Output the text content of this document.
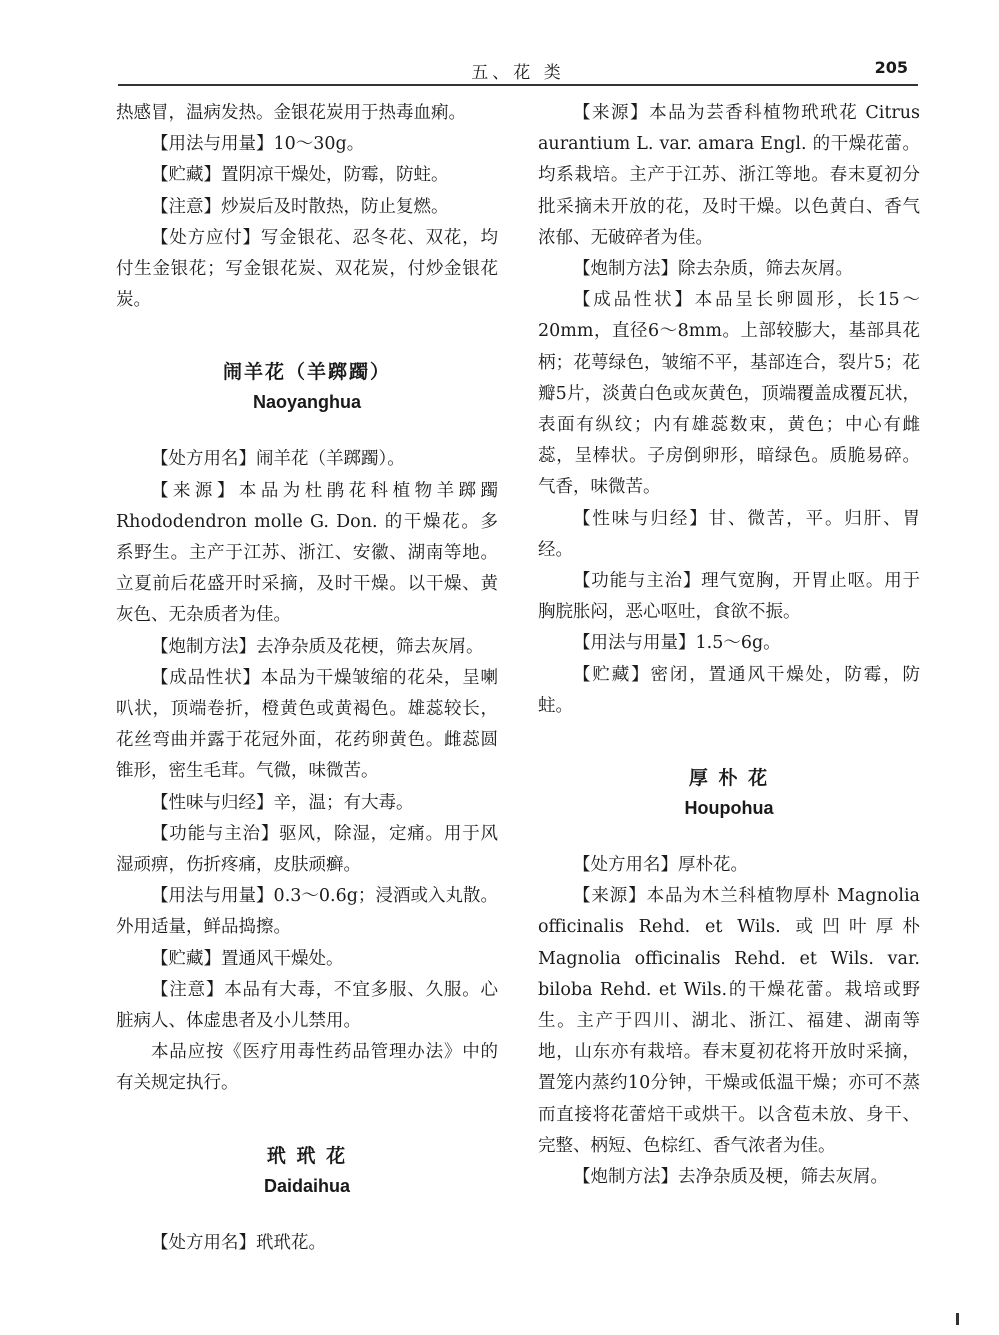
五、花 类	205

热感冒，温病发热。金银花炭用于热毒血痢。

【用法与用量】10～30g。

【贮藏】置阴凉干燥处，防霉，防蛀。

【注意】炒炭后及时散热，防止复燃。

【处方应付】写金银花、忍冬花、双花，均付生金银花；写金银花炭、双花炭，付炒金银花炭。

闹羊花（羊踯躅）
Naoyanghua

【处方用名】闹羊花（羊踯躅）。

【来源】本品为杜鹃花科植物羊踯躅 Rhododendron molle G. Don. 的干燥花。多系野生。主产于江苏、浙江、安徽、湖南等地。立夏前后花盛开时采摘，及时干燥。以干燥、黄灰色、无杂质者为佳。

【炮制方法】去净杂质及花梗，筛去灰屑。

【成品性状】本品为干燥皱缩的花朵，呈喇叭状，顶端卷折，橙黄色或黄褐色。雄蕊较长，花丝弯曲并露于花冠外面，花药卵黄色。雌蕊圆锥形，密生毛茸。气微，味微苦。

【性味与归经】辛，温；有大毒。

【功能与主治】驱风，除湿，定痛。用于风湿顽痹，伤折疼痛，皮肤顽癣。

【用法与用量】0.3～0.6g；浸酒或入丸散。外用适量，鲜品捣擦。

【贮藏】置通风干燥处。

【注意】本品有大毒，不宜多服、久服。心脏病人、体虚患者及小儿禁用。

本品应按《医疗用毒性药品管理办法》中的有关规定执行。

玳 玳 花
Daidaihua

【处方用名】玳玳花。

【来源】本品为芸香科植物玳玳花 Citrus aurantium L. var. amara Engl. 的干燥花蕾。均系栽培。主产于江苏、浙江等地。春末夏初分批采摘未开放的花，及时干燥。以色黄白、香气浓郁、无破碎者为佳。

【炮制方法】除去杂质，筛去灰屑。

【成品性状】本品呈长卵圆形，长15～20mm，直径6～8mm。上部较膨大，基部具花柄；花萼绿色，皱缩不平，基部连合，裂片5；花瓣5片，淡黄白色或灰黄色，顶端覆盖成覆瓦状，表面有纵纹；内有雄蕊数束，黄色；中心有雌蕊，呈棒状。子房倒卵形，暗绿色。质脆易碎。气香，味微苦。

【性味与归经】甘、微苦，平。归肝、胃经。

【功能与主治】理气宽胸，开胃止呕。用于胸脘胀闷，恶心呕吐，食欲不振。

【用法与用量】1.5～6g。

【贮藏】密闭，置通风干燥处，防霉，防蛀。

厚 朴 花
Houpohua

【处方用名】厚朴花。

【来源】本品为木兰科植物厚朴 Magnolia officinalis Rehd. et Wils. 或凹叶厚朴 Magnolia officinalis Rehd. et Wils. var. biloba Rehd. et Wils.的干燥花蕾。栽培或野生。主产于四川、湖北、浙江、福建、湖南等地，山东亦有栽培。春末夏初花将开放时采摘，置笼内蒸约10分钟，干燥或低温干燥；亦可不蒸而直接将花蕾焙干或烘干。以含苞未放、身干、完整、柄短、色棕红、香气浓者为佳。

【炮制方法】去净杂质及梗，筛去灰屑。
